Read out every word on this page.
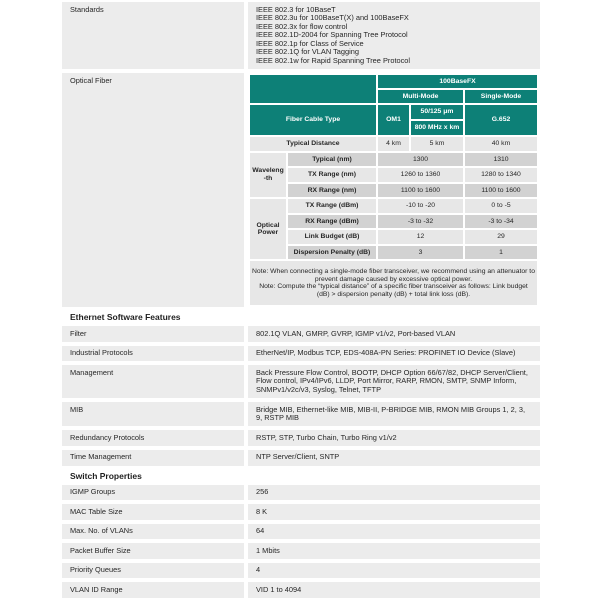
Standards	IEEE 802.3 for 10BaseT
IEEE 802.3u for 100BaseT(X) and 100BaseFX
IEEE 802.3x for flow control
IEEE 802.1D-2004 for Spanning Tree Protocol
IEEE 802.1p for Class of Service
IEEE 802.1Q for VLAN Tagging
IEEE 802.1w for Rapid Spanning Tree Protocol
Optical Fiber
		100BaseFX		
		Multi-Mode		Single-Mode
Fiber Cable Type		OM1	50/125 μm	G.652
			800 MHz x km	
Typical Distance		4 km	5 km	40 km
Waveleng-th	Typical (nm)	1300		1310
	TX Range (nm)	1260 to 1360		1280 to 1340
	RX Range (nm)	1100 to 1600		1100 to 1600
Optical Power	TX Range (dBm)	-10 to -20		0 to -5
	RX Range (dBm)	-3 to -32		-3 to -34
	Link Budget (dB)	12		29
	Dispersion Penalty (dB)	3		1

Note: When connecting a single-mode fiber transceiver, we recommend using an attenuator to prevent damage caused by excessive optical power.
Note: Compute the “typical distance” of a specific fiber transceiver as follows: Link budget (dB) > dispersion penalty (dB) + total link loss (dB).				
Ethernet Software Features
Filter	802.1Q VLAN, GMRP, GVRP, IGMP v1/v2, Port-based VLAN
Industrial Protocols	EtherNet/IP, Modbus TCP, EDS-408A-PN Series: PROFINET IO Device (Slave)
Management	Back Pressure Flow Control, BOOTP, DHCP Option 66/67/82, DHCP Server/Client, Flow control, IPv4/IPv6, LLDP, Port Mirror, RARP, RMON, SMTP, SNMP Inform, SNMPv1/v2c/v3, Syslog, Telnet, TFTP
MIB	Bridge MIB, Ethernet-like MIB, MIB-II, P-BRIDGE MIB, RMON MIB Groups 1, 2, 3, 9, RSTP MIB
Redundancy Protocols	RSTP, STP, Turbo Chain, Turbo Ring v1/v2
Time Management	NTP Server/Client, SNTP
Switch Properties
IGMP Groups	256
MAC Table Size	8 K
Max. No. of VLANs	64
Packet Buffer Size	1 Mbits
Priority Queues	4
VLAN ID Range	VID 1 to 4094
